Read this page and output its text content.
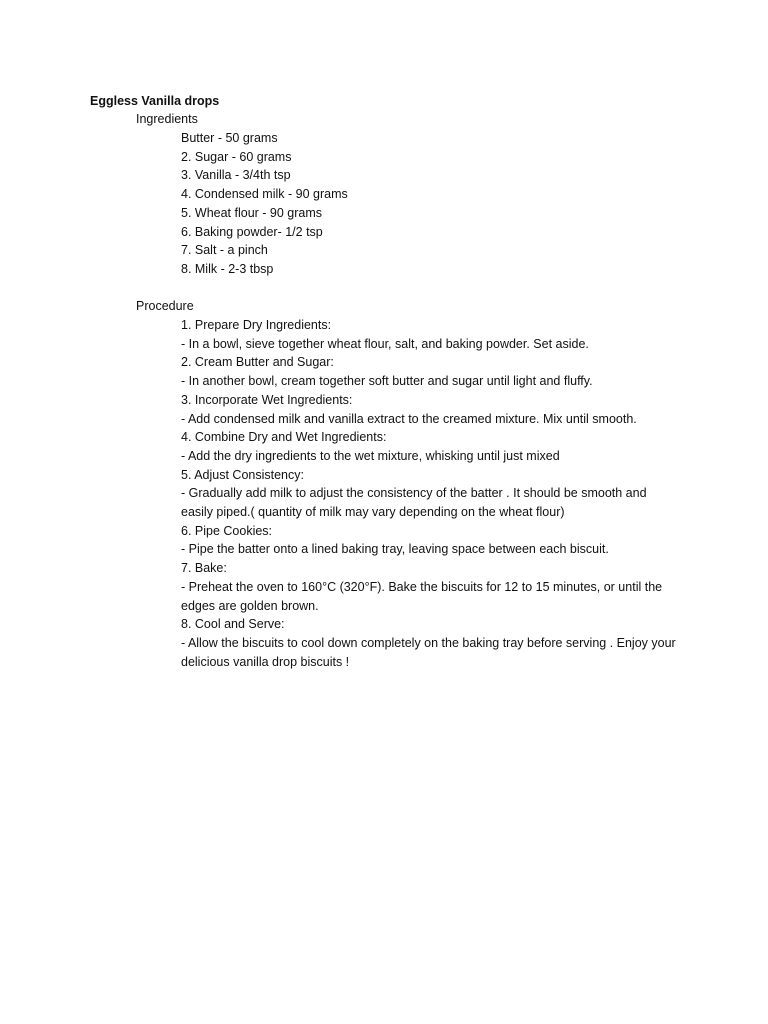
Eggless Vanilla drops
Ingredients
Butter - 50 grams
2. Sugar - 60 grams
3. Vanilla - 3/4th tsp
4. Condensed milk - 90 grams
5. Wheat flour - 90 grams
6. Baking powder- 1/2 tsp
7. Salt - a pinch
8. Milk - 2-3 tbsp
Procedure
1. Prepare Dry Ingredients:
- In a bowl, sieve together wheat flour, salt, and baking powder. Set aside.
2. Cream Butter and Sugar:
- In another bowl, cream together soft butter and sugar until light and fluffy.
3. Incorporate Wet Ingredients:
- Add condensed milk and vanilla extract to the creamed mixture. Mix until smooth.
4. Combine Dry and Wet Ingredients:
- Add the dry ingredients to the wet mixture, whisking until just mixed
5. Adjust Consistency:
- Gradually add milk to adjust the consistency of the batter . It should be smooth and easily piped.( quantity of milk may vary depending on the wheat flour)
6. Pipe Cookies:
- Pipe the batter onto a lined baking tray, leaving space between each biscuit.
7. Bake:
- Preheat the oven to 160°C (320°F). Bake the biscuits for 12 to 15 minutes, or until the edges are golden brown.
8. Cool and Serve:
- Allow the biscuits to cool down completely on the baking tray before serving . Enjoy your delicious vanilla drop biscuits !
